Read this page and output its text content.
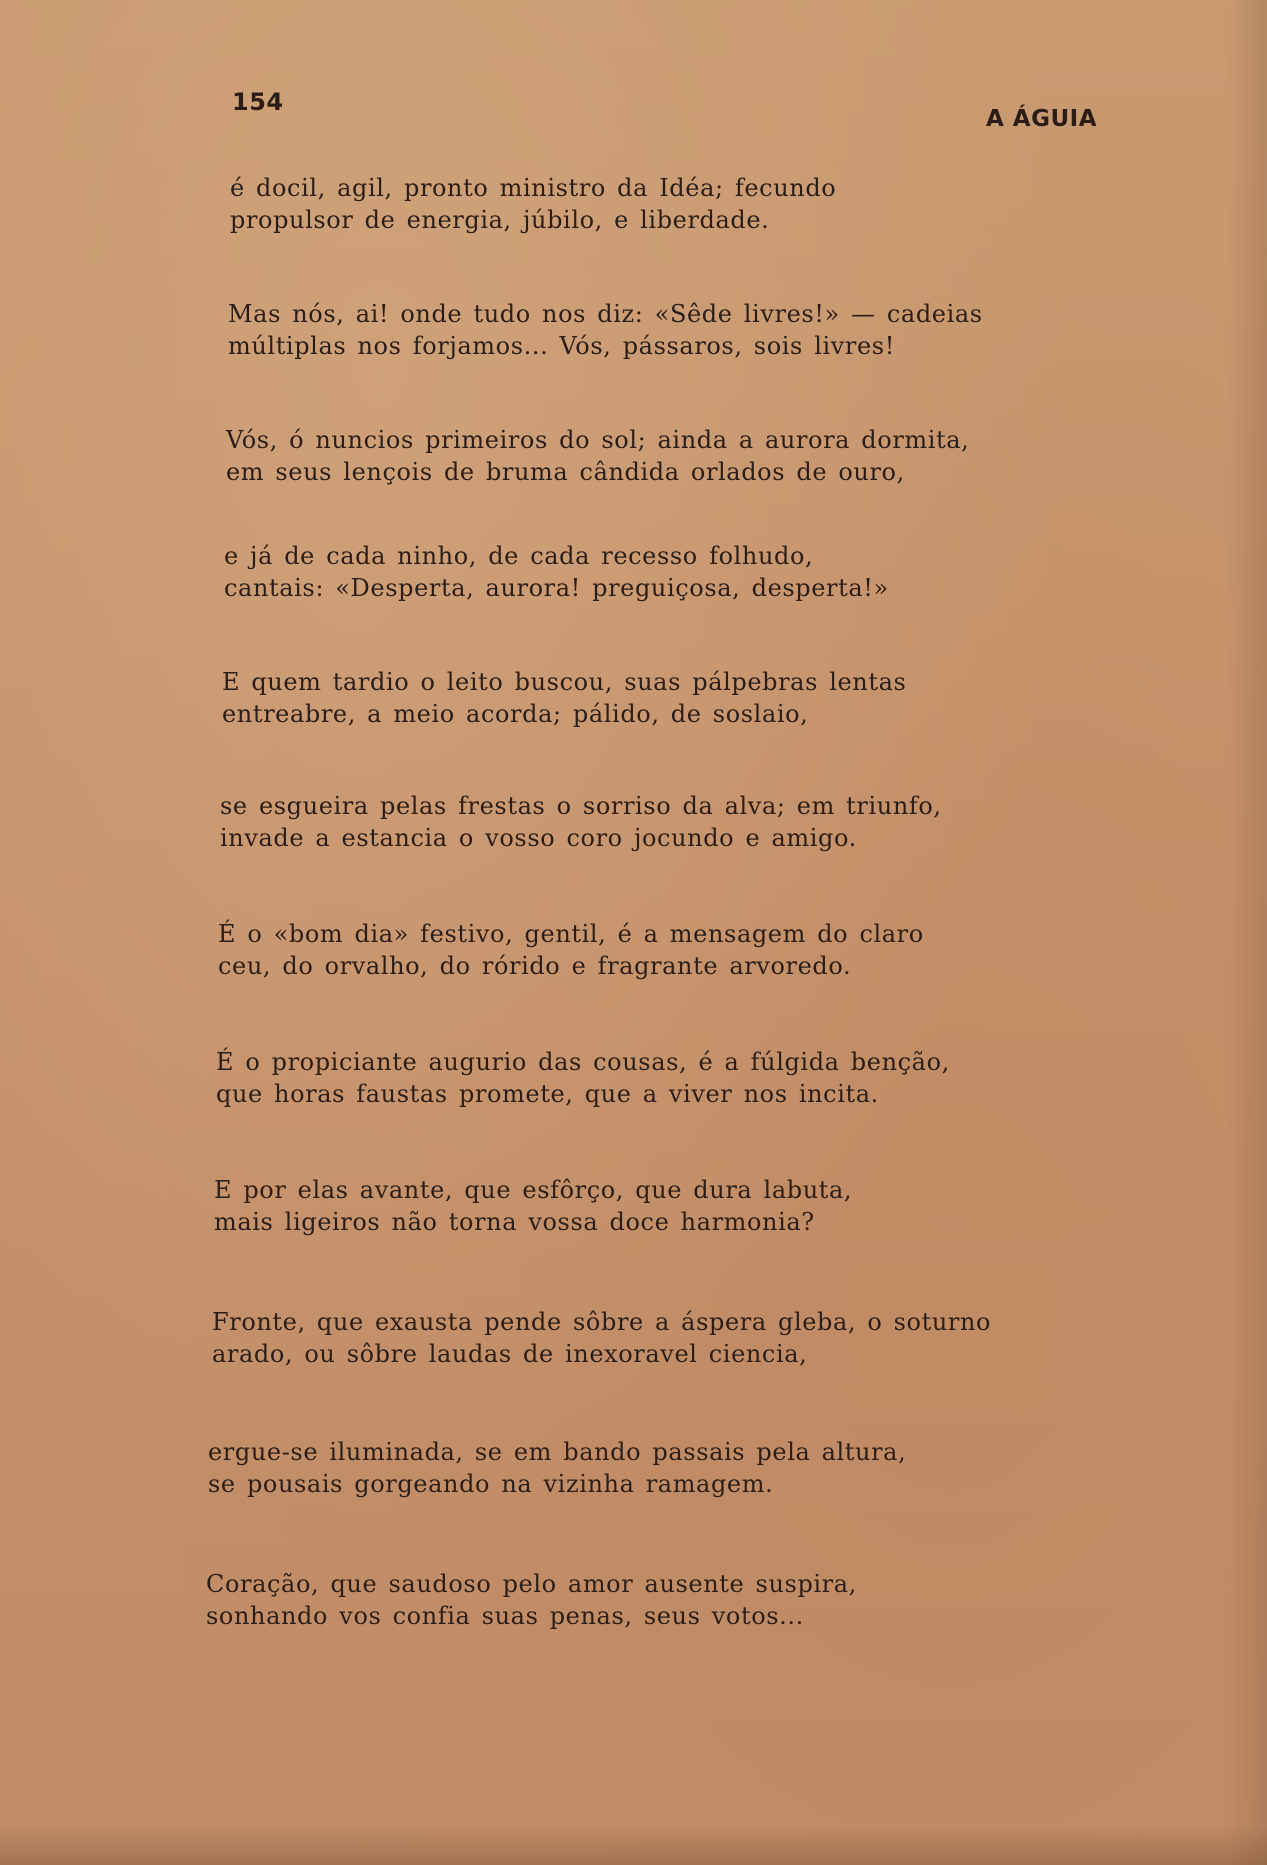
154
A ÁGUIA
é docil, agil, pronto ministro da Idéa; fecundo
propulsor de energia, júbilo, e liberdade.
Mas nós, ai! onde tudo nos diz: «Sêde livres!» — cadeias
múltiplas nos forjamos... Vós, pássaros, sois livres!
Vós, ó nuncios primeiros do sol; ainda a aurora dormita,
em seus lençois de bruma cândida orlados de ouro,
e já de cada ninho, de cada recesso folhudo,
cantais: «Desperta, aurora! preguiçosa, desperta!»
E quem tardio o leito buscou, suas pálpebras lentas
entreabre, a meio acorda; pálido, de soslaio,
se esgueira pelas frestas o sorriso da alva; em triunfo,
invade a estancia o vosso coro jocundo e amigo.
É o «bom dia» festivo, gentil, é a mensagem do claro
ceu, do orvalho, do rórido e fragrante arvoredo.
É o propiciante augurio das cousas, é a fúlgida benção,
que horas faustas promete, que a viver nos incita.
E por elas avante, que esfôrço, que dura labuta,
mais ligeiros não torna vossa doce harmonia?
Fronte, que exausta pende sôbre a áspera gleba, o soturno
arado, ou sôbre laudas de inexoravel ciencia,
ergue-se iluminada, se em bando passais pela altura,
se pousais gorgeando na vizinha ramagem.
Coração, que saudoso pelo amor ausente suspira,
sonhando vos confia suas penas, seus votos...
